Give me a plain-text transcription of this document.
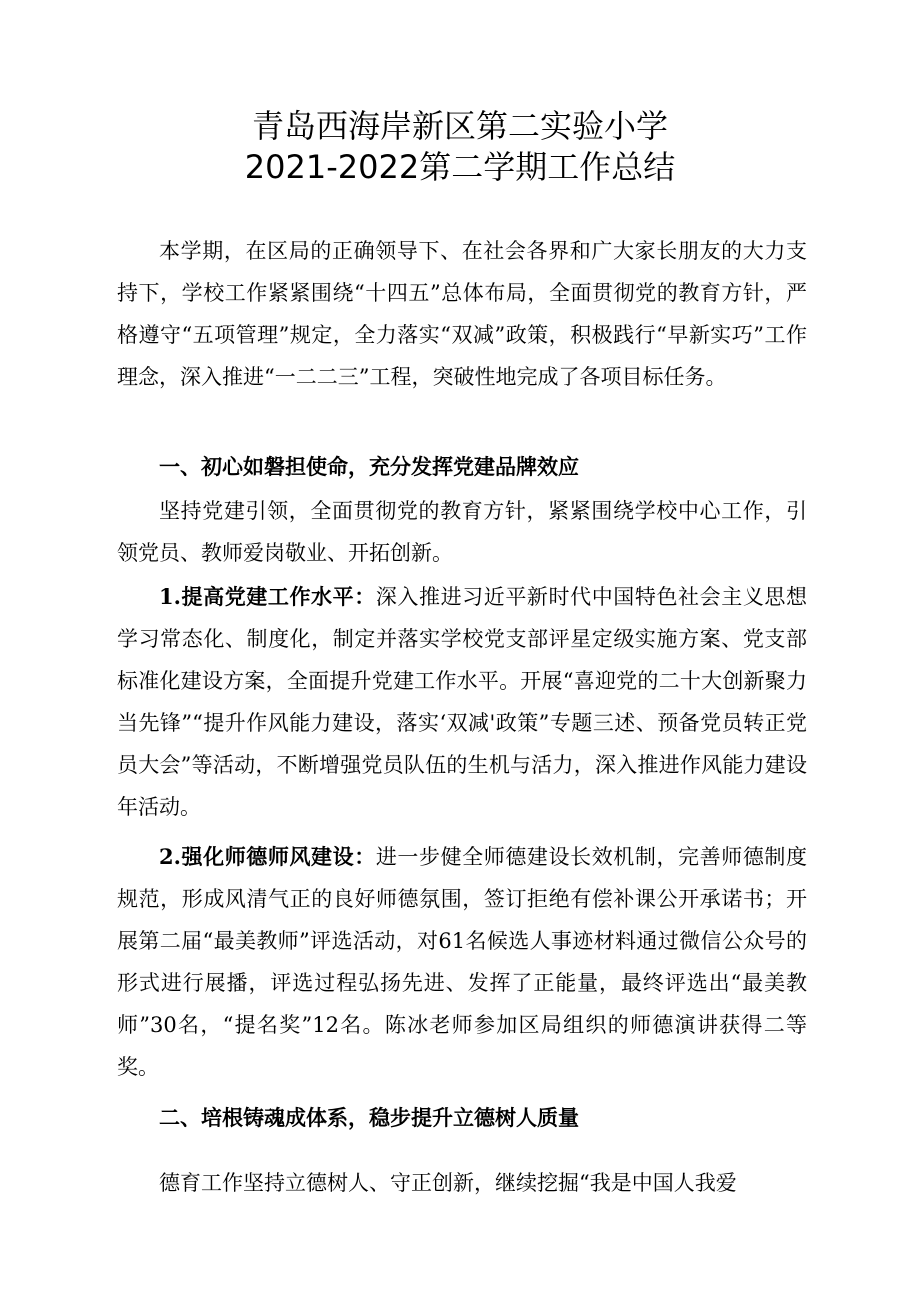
青岛西海岸新区第二实验小学
2021-2022第二学期工作总结

本学期，在区局的正确领导下、在社会各界和广大家长朋友的大力支持下，学校工作紧紧围绕“十四五”总体布局，全面贯彻党的教育方针，严格遵守“五项管理”规定，全力落实“双减”政策，积极践行“早新实巧”工作理念，深入推进“一二二三”工程，突破性地完成了各项目标任务。

一、初心如磐担使命，充分发挥党建品牌效应

坚持党建引领，全面贯彻党的教育方针，紧紧围绕学校中心工作，引领党员、教师爱岗敬业、开拓创新。

1.提高党建工作水平：深入推进习近平新时代中国特色社会主义思想学习常态化、制度化，制定并落实学校党支部评星定级实施方案、党支部标准化建设方案，全面提升党建工作水平。开展“喜迎党的二十大创新聚力当先锋”“提升作风能力建设，落实‘双减'政策”专题三述、预备党员转正党员大会”等活动，不断增强党员队伍的生机与活力，深入推进作风能力建设年活动。

2.强化师德师风建设：进一步健全师德建设长效机制，完善师德制度规范，形成风清气正的良好师德氛围，签订拒绝有偿补课公开承诺书；开展第二届“最美教师”评选活动，对61名候选人事迹材料通过微信公众号的形式进行展播，评选过程弘扬先进、发挥了正能量，最终评选出“最美教师”30名，“提名奖”12名。陈冰老师参加区局组织的师德演讲获得二等奖。

二、培根铸魂成体系，稳步提升立德树人质量

德育工作坚持立德树人、守正创新，继续挖掘“我是中国人我爱
